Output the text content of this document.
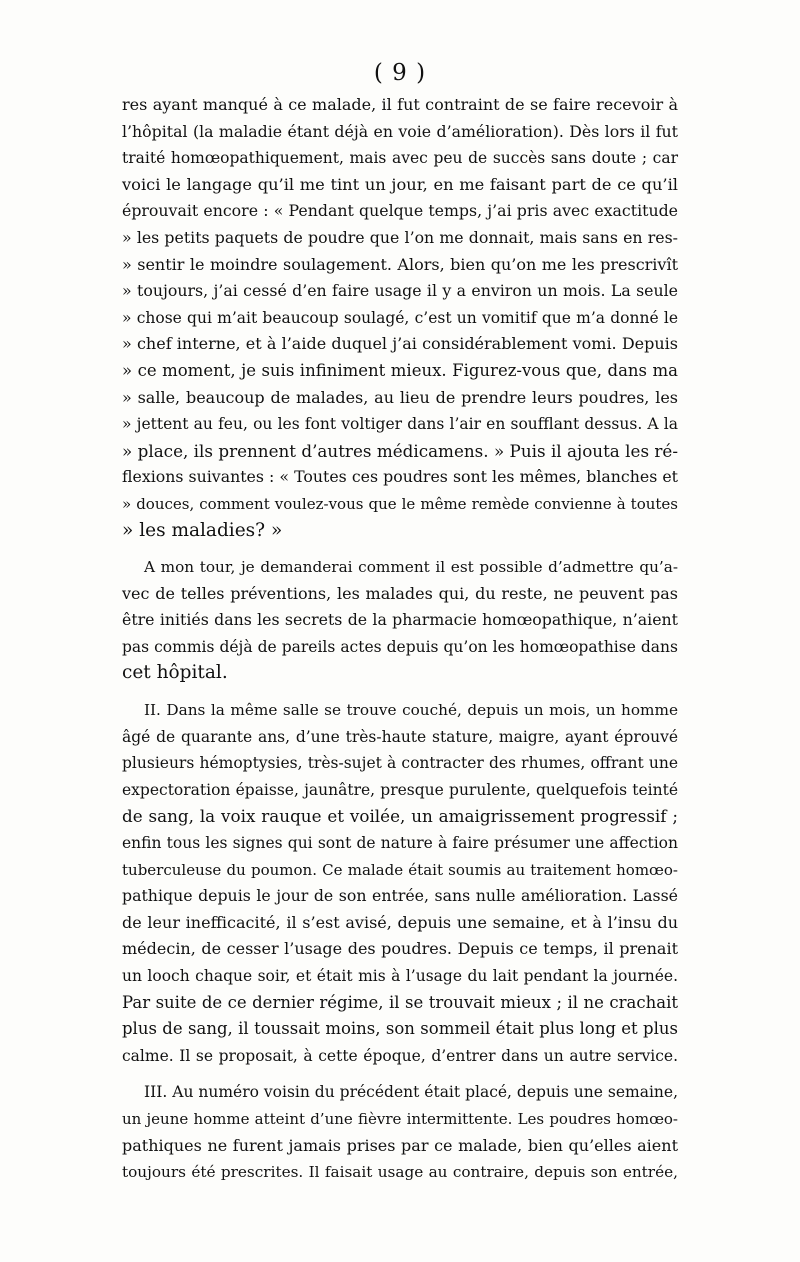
( 9 )
res ayant manqué à ce malade, il fut contraint de se faire recevoir à
l’hôpital (la maladie étant déjà en voie d’amélioration). Dès lors il fut
traité homœopathiquement, mais avec peu de succès sans doute ; car
voici le langage qu’il me tint un jour, en me faisant part de ce qu’il
éprouvait encore : « Pendant quelque temps, j’ai pris avec exactitude
» les petits paquets de poudre que l’on me donnait, mais sans en res-
» sentir le moindre soulagement. Alors, bien qu’on me les prescrivît
» toujours, j’ai cessé d’en faire usage il y a environ un mois. La seule
» chose qui m’ait beaucoup soulagé, c’est un vomitif que m’a donné le
» chef interne, et à l’aide duquel j’ai considérablement vomi. Depuis
» ce moment, je suis infiniment mieux. Figurez-vous que, dans ma
» salle, beaucoup de malades, au lieu de prendre leurs poudres, les
» jettent au feu, ou les font voltiger dans l’air en soufflant dessus. A la
» place, ils prennent d’autres médicamens. » Puis il ajouta les ré-
flexions suivantes : « Toutes ces poudres sont les mêmes, blanches et
» douces, comment voulez-vous que le même remède convienne à toutes
» les maladies? »
A mon tour, je demanderai comment il est possible d’admettre qu’a-
vec de telles préventions, les malades qui, du reste, ne peuvent pas
être initiés dans les secrets de la pharmacie homœopathique, n’aient
pas commis déjà de pareils actes depuis qu’on les homœopathise dans
cet hôpital.
II. Dans la même salle se trouve couché, depuis un mois, un homme
âgé de quarante ans, d’une très-haute stature, maigre, ayant éprouvé
plusieurs hémoptysies, très-sujet à contracter des rhumes, offrant une
expectoration épaisse, jaunâtre, presque purulente, quelquefois teinté
de sang, la voix rauque et voilée, un amaigrissement progressif ;
enfin tous les signes qui sont de nature à faire présumer une affection
tuberculeuse du poumon. Ce malade était soumis au traitement homœo-
pathique depuis le jour de son entrée, sans nulle amélioration. Lassé
de leur inefficacité, il s’est avisé, depuis une semaine, et à l’insu du
médecin, de cesser l’usage des poudres. Depuis ce temps, il prenait
un looch chaque soir, et était mis à l’usage du lait pendant la journée.
Par suite de ce dernier régime, il se trouvait mieux ; il ne crachait
plus de sang, il toussait moins, son sommeil était plus long et plus
calme. Il se proposait, à cette époque, d’entrer dans un autre service.
III. Au numéro voisin du précédent était placé, depuis une semaine,
un jeune homme atteint d’une fièvre intermittente. Les poudres homœo-
pathiques ne furent jamais prises par ce malade, bien qu’elles aient
toujours été prescrites. Il faisait usage au contraire, depuis son entrée,
